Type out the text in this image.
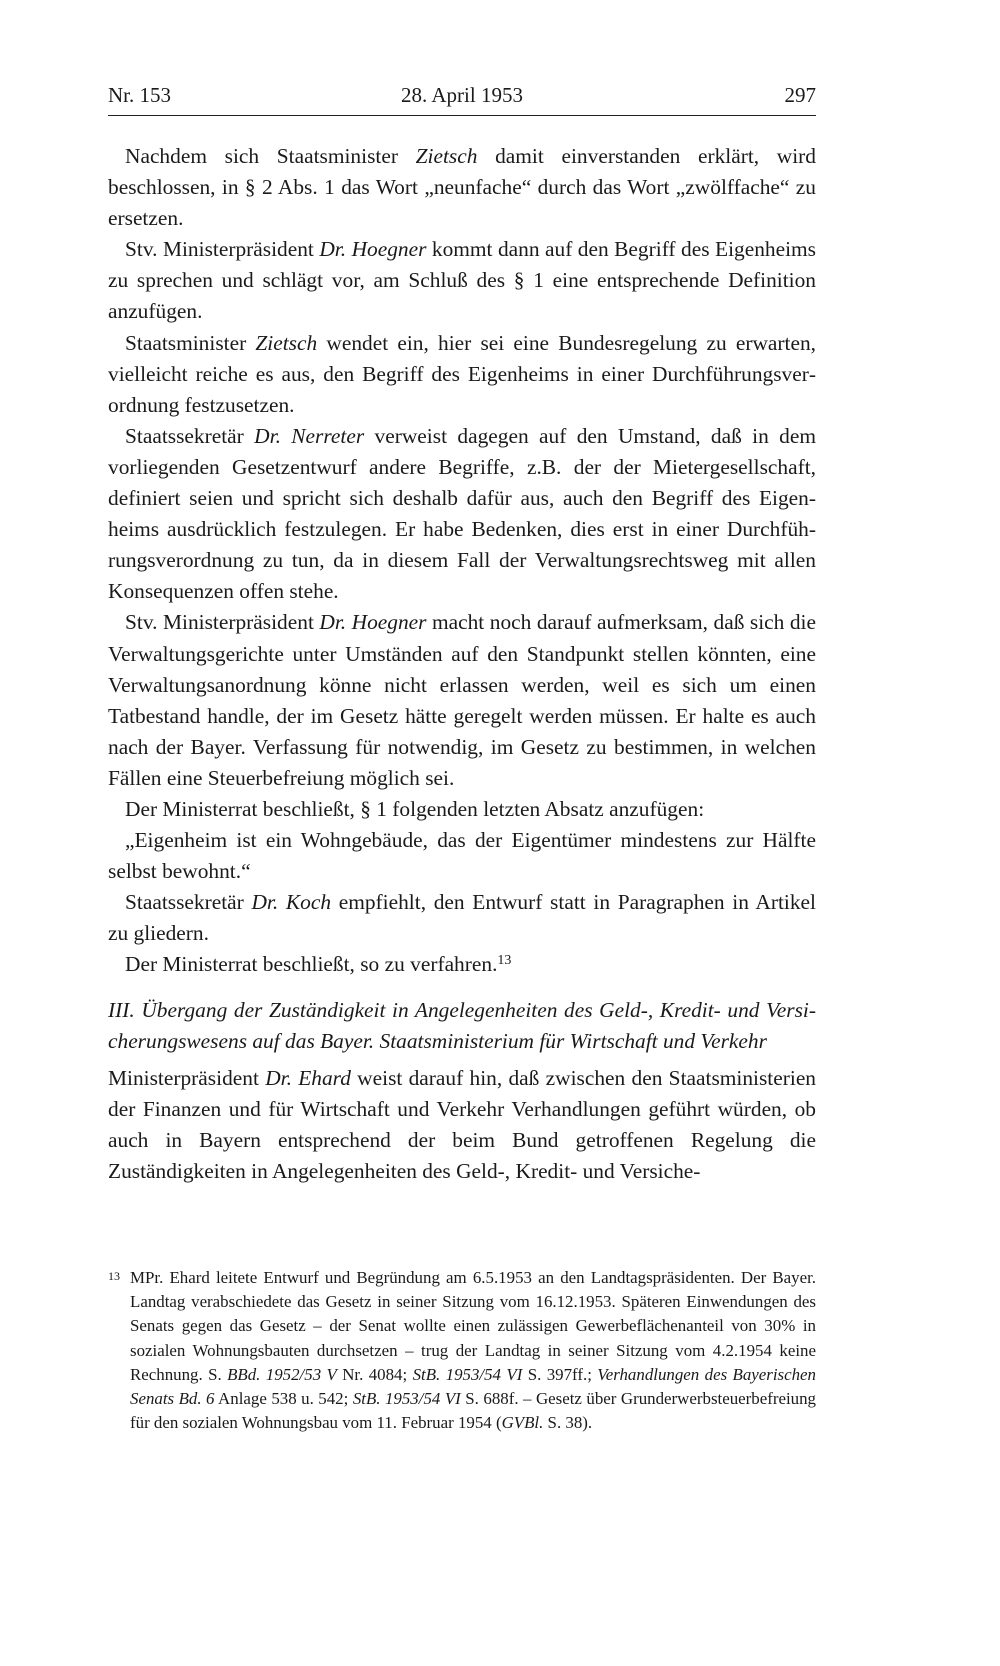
Nr. 153	28. April 1953	297

Nachdem sich Staatsminister Zietsch damit einverstanden erklärt, wird beschlossen, in § 2 Abs. 1 das Wort „neunfache“ durch das Wort „zwölffache“ zu ersetzen.

Stv. Ministerpräsident Dr. Hoegner kommt dann auf den Begriff des Eigenheims zu sprechen und schlägt vor, am Schluß des § 1 eine entsprechende Definition anzufügen.

Staatsminister Zietsch wendet ein, hier sei eine Bundesregelung zu erwarten, vielleicht reiche es aus, den Begriff des Eigenheims in einer Durchführungsverordnung festzusetzen.

Staatssekretär Dr. Nerreter verweist dagegen auf den Umstand, daß in dem vorliegenden Gesetzentwurf andere Begriffe, z.B. der der Mietergesellschaft, definiert seien und spricht sich deshalb dafür aus, auch den Begriff des Eigenheims ausdrücklich festzulegen. Er habe Bedenken, dies erst in einer Durchführungsverordnung zu tun, da in diesem Fall der Verwaltungsrechtsweg mit allen Konsequenzen offen stehe.

Stv. Ministerpräsident Dr. Hoegner macht noch darauf aufmerksam, daß sich die Verwaltungsgerichte unter Umständen auf den Standpunkt stellen könnten, eine Verwaltungsanordnung könne nicht erlassen werden, weil es sich um einen Tatbestand handle, der im Gesetz hätte geregelt werden müssen. Er halte es auch nach der Bayer. Verfassung für notwendig, im Gesetz zu bestimmen, in welchen Fällen eine Steuerbefreiung möglich sei.

Der Ministerrat beschließt, § 1 folgenden letzten Absatz anzufügen:

„Eigenheim ist ein Wohngebäude, das der Eigentümer mindestens zur Hälfte selbst bewohnt.“

Staatssekretär Dr. Koch empfiehlt, den Entwurf statt in Paragraphen in Artikel zu gliedern.

Der Ministerrat beschließt, so zu verfahren.$^{13}$

III. Übergang der Zuständigkeit in Angelegenheiten des Geld-, Kredit- und Versicherungswesens auf das Bayer. Staatsministerium für Wirtschaft und Verkehr

Ministerpräsident Dr. Ehard weist darauf hin, daß zwischen den Staatsministerien der Finanzen und für Wirtschaft und Verkehr Verhandlungen geführt würden, ob auch in Bayern entsprechend der beim Bund getroffenen Regelung die Zuständigkeiten in Angelegenheiten des Geld-, Kredit- und Versiche-

13 MPr. Ehard leitete Entwurf und Begründung am 6.5.1953 an den Landtagspräsidenten. Der Bayer. Landtag verabschiedete das Gesetz in seiner Sitzung vom 16.12.1953. Späteren Einwendungen des Senats gegen das Gesetz – der Senat wollte einen zulässigen Gewerbeflächenanteil von 30% in sozialen Wohnungsbauten durchsetzen – trug der Landtag in seiner Sitzung vom 4.2.1954 keine Rechnung. S. BBd. 1952/53 V Nr. 4084; StB. 1953/54 VI S. 397ff.; Verhandlungen des Bayerischen Senats Bd. 6 Anlage 538 u. 542; StB. 1953/54 VI S. 688f. – Gesetz über Grunderwerbsteuerbefreiung für den sozialen Wohnungsbau vom 11. Februar 1954 (GVBl. S. 38).
